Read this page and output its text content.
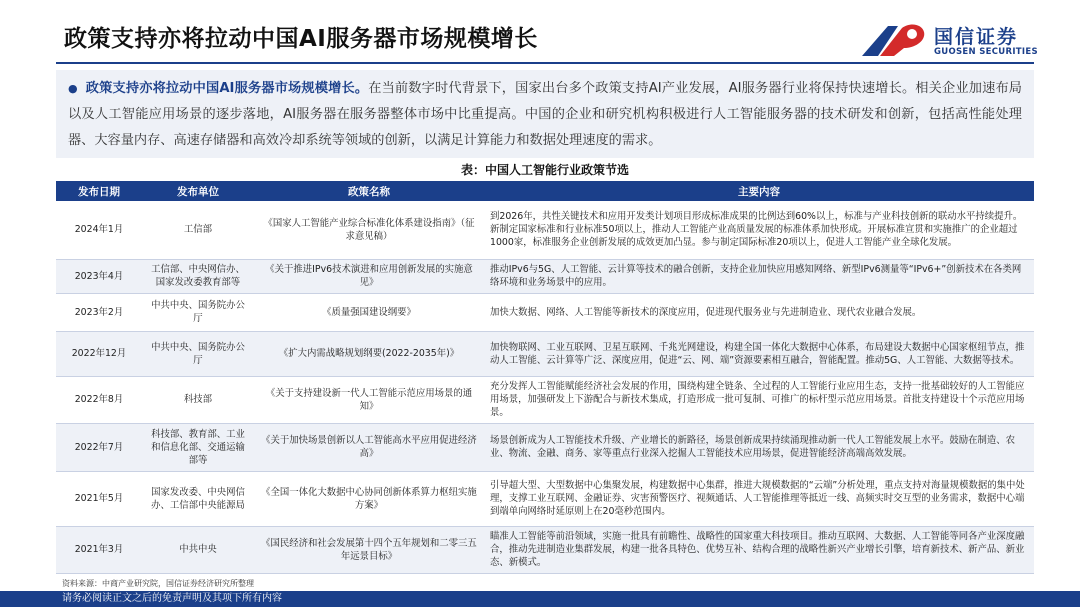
政策支持亦将拉动中国AI服务器市场规模增长	国信证券
GUOSEN SECURITIES

● 政策支持亦将拉动中国AI服务器市场规模增长。在当前数字时代背景下，国家出台多个政策支持AI产业发展，AI服务器行业将保持快速增长。相关企业加速布局以及人工智能应用场景的逐步落地，AI服务器在服务器整体市场中比重提高。中国的企业和研究机构积极进行人工智能服务器的技术研发和创新，包括高性能处理器、大容量内存、高速存储器和高效冷却系统等领域的创新，以满足计算能力和数据处理速度的需求。

表：中国人工智能行业政策节选
发布日期	发布单位	政策名称	主要内容
2024年1月	工信部	《国家人工智能产业综合标准化体系建设指南》（征求意见稿）	到2026年，共性关键技术和应用开发类计划项目形成标准成果的比例达到60%以上，标准与产业科技创新的联动水平持续提升。新制定国家标准和行业标准50项以上，推动人工智能产业高质量发展的标准体系加快形成。开展标准宣贯和实施推广的企业超过1000家，标准服务企业创新发展的成效更加凸显。参与制定国际标准20项以上，促进人工智能产业全球化发展。
2023年4月	工信部、中央网信办、国家发改委教育部等	《关于推进IPv6技术演进和应用创新发展的实施意见》	推动IPv6与5G、人工智能、云计算等技术的融合创新，支持企业加快应用感知网络、新型IPv6测量等“IPv6+”创新技术在各类网络环境和业务场景中的应用。
2023年2月	中共中央、国务院办公厅	《质量强国建设纲要》	加快大数据、网络、人工智能等新技术的深度应用，促进现代服务业与先进制造业、现代农业融合发展。
2022年12月	中共中央、国务院办公厅	《扩大内需战略规划纲要(2022-2035年)》	加快物联网、工业互联网、卫星互联网、千兆光网建设，构建全国一体化大数据中心体系，布局建设大数据中心国家枢纽节点，推动人工智能、云计算等广泛、深度应用，促进“云、网、端”资源要素相互融合，智能配置。推动5G、人工智能、大数据等技术。
2022年8月	科技部	《关于支持建设新一代人工智能示范应用场景的通知》	充分发挥人工智能赋能经济社会发展的作用，围绕构建全链条、全过程的人工智能行业应用生态，支持一批基础较好的人工智能应用场景，加强研发上下游配合与新技术集成，打造形成一批可复制、可推广的标杆型示范应用场景。首批支持建设十个示范应用场景。
2022年7月	科技部、教育部、工业和信息化部、交通运输部等	《关于加快场景创新以人工智能高水平应用促进经济高》	场景创新成为人工智能技术升级、产业增长的新路径，场景创新成果持续涌现推动新一代人工智能发展上水平。鼓励在制造、农业、物流、金融、商务、家等重点行业深入挖掘人工智能技术应用场景，促进智能经济高端高效发展。
2021年5月	国家发改委、中央网信办、工信部中央能源局	《全国一体化大数据中心协同创新体系算力枢纽实施方案》	引导超大型、大型数据中心集聚发展，构建数据中心集群，推进大规模数据的“云端”分析处理，重点支持对海量规模数据的集中处理，支撑工业互联网、金融证券、灾害预警医疗、视频通话、人工智能推理等抵近一线、高频实时交互型的业务需求，数据中心端到端单向网络时延原则上在20毫秒范围内。
2021年3月	中共中央	《国民经济和社会发展第十四个五年规划和二零三五年远景目标》	瞄准人工智能等前沿领域，实施一批具有前瞻性、战略性的国家重大科技项目。推动互联网、大数据、人工智能等同各产业深度融合，推动先进制造业集群发展，构建一批各具特色、优势互补、结构合理的战略性新兴产业增长引擎，培育新技术、新产品、新业态、新模式。
资料来源：中商产业研究院，国信证券经济研究所整理
请务必阅读正文之后的免责声明及其项下所有内容
